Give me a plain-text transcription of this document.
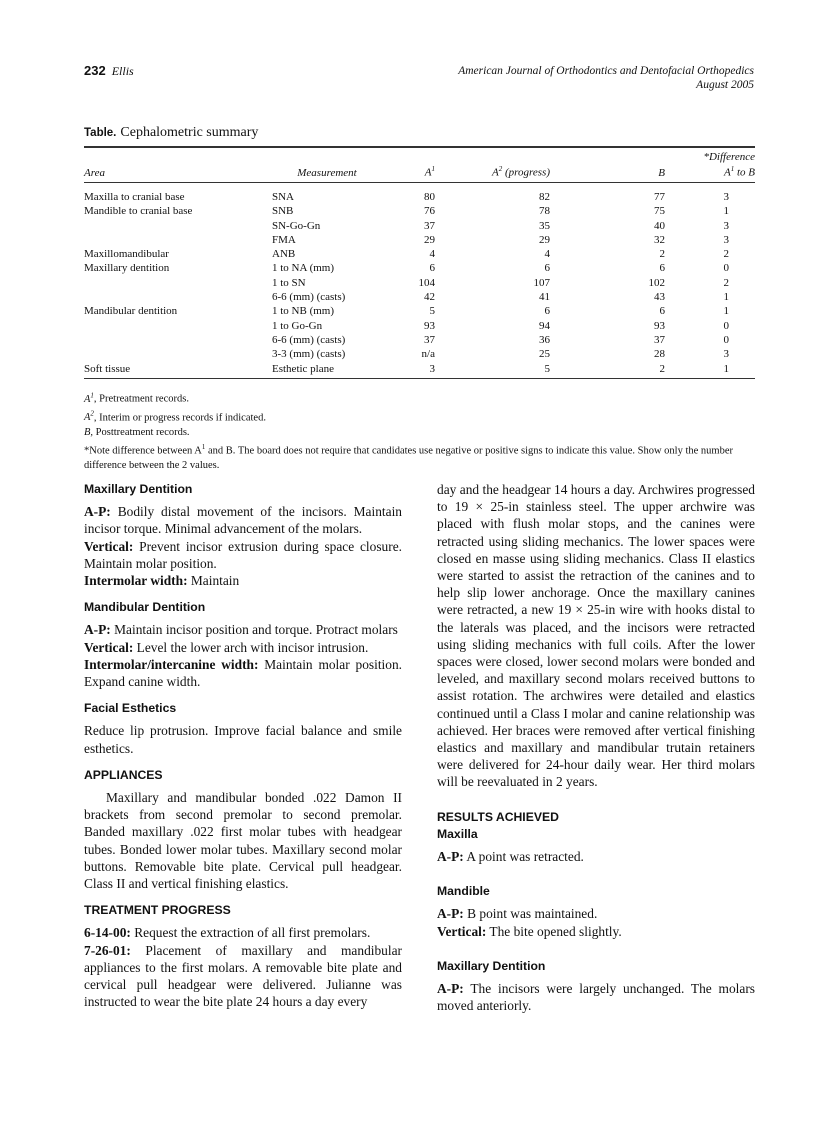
232 Ellis	American Journal of Orthodontics and Dentofacial Orthopedics
August 2005
Table. Cephalometric summary
Area	Measurement	$A^1$	$A^2$ (progress)	B	*Difference
$A^1$ to B

Maxilla to cranial base	SNA	80	82	77	3
Mandible to cranial base	SNB	76	78	75	1
	SN-Go-Gn	37	35	40	3
	FMA	29	29	32	3
Maxillomandibular	ANB	4	4	2	2
Maxillary dentition	1 to NA (mm)	6	6	6	0
	1 to SN	104	107	102	2
	6-6 (mm) (casts)	42	41	43	1
Mandibular dentition	1 to NB (mm)	5	6	6	1
	1 to Go-Gn	93	94	93	0
	6-6 (mm) (casts)	37	36	37	0
	3-3 (mm) (casts)	n/a	25	28	3
Soft tissue	Esthetic plane	3	5	2	1
$A^1$, Pretreatment records.
$A^2$, Interim or progress records if indicated.
B, Posttreatment records.
*Note difference between $A^1$ and B. The board does not require that candidates use negative or positive signs to indicate this value. Show only the number difference between the 2 values.

Maxillary Dentition

A-P: Bodily distal movement of the incisors. Maintain incisor torque. Minimal advancement of the molars.

Vertical: Prevent incisor extrusion during space closure. Maintain molar position.

Intermolar width: Maintain

Mandibular Dentition

A-P: Maintain incisor position and torque. Protract molars

Vertical: Level the lower arch with incisor intrusion.

Intermolar/intercanine width: Maintain molar position. Expand canine width.

Facial Esthetics

Reduce lip protrusion. Improve facial balance and smile esthetics.

APPLIANCES

Maxillary and mandibular bonded .022 Damon II brackets from second premolar to second premolar. Banded maxillary .022 first molar tubes with headgear tubes. Bonded lower molar tubes. Maxillary second molar buttons. Removable bite plate. Cervical pull headgear. Class II and vertical finishing elastics.

TREATMENT PROGRESS

6-14-00: Request the extraction of all first premolars.

7-26-01: Placement of maxillary and mandibular appliances to the first molars. A removable bite plate and cervical pull headgear were delivered. Julianne was instructed to wear the bite plate 24 hours a day every

day and the headgear 14 hours a day. Archwires progressed to 19 × 25-in stainless steel. The upper archwire was placed with flush molar stops, and the canines were retracted using sliding mechanics. The lower spaces were closed en masse using sliding mechanics. Class II elastics were started to assist the retraction of the canines and to help slip lower anchorage. Once the maxillary canines were retracted, a new 19 × 25-in wire with hooks distal to the laterals was placed, and the incisors were retracted using sliding mechanics with full coils. After the lower spaces were closed, lower second molars were bonded and leveled, and maxillary second molars received buttons to assist rotation. The archwires were detailed and elastics continued until a Class I molar and canine relationship was achieved. Her braces were removed after vertical finishing elastics and maxillary and mandibular trutain retainers were delivered for 24-hour daily wear. Her third molars will be reevaluated in 2 years.

RESULTS ACHIEVED

Maxilla

A-P: A point was retracted.

Mandible

A-P: B point was maintained.

Vertical: The bite opened slightly.

Maxillary Dentition

A-P: The incisors were largely unchanged. The molars moved anteriorly.
